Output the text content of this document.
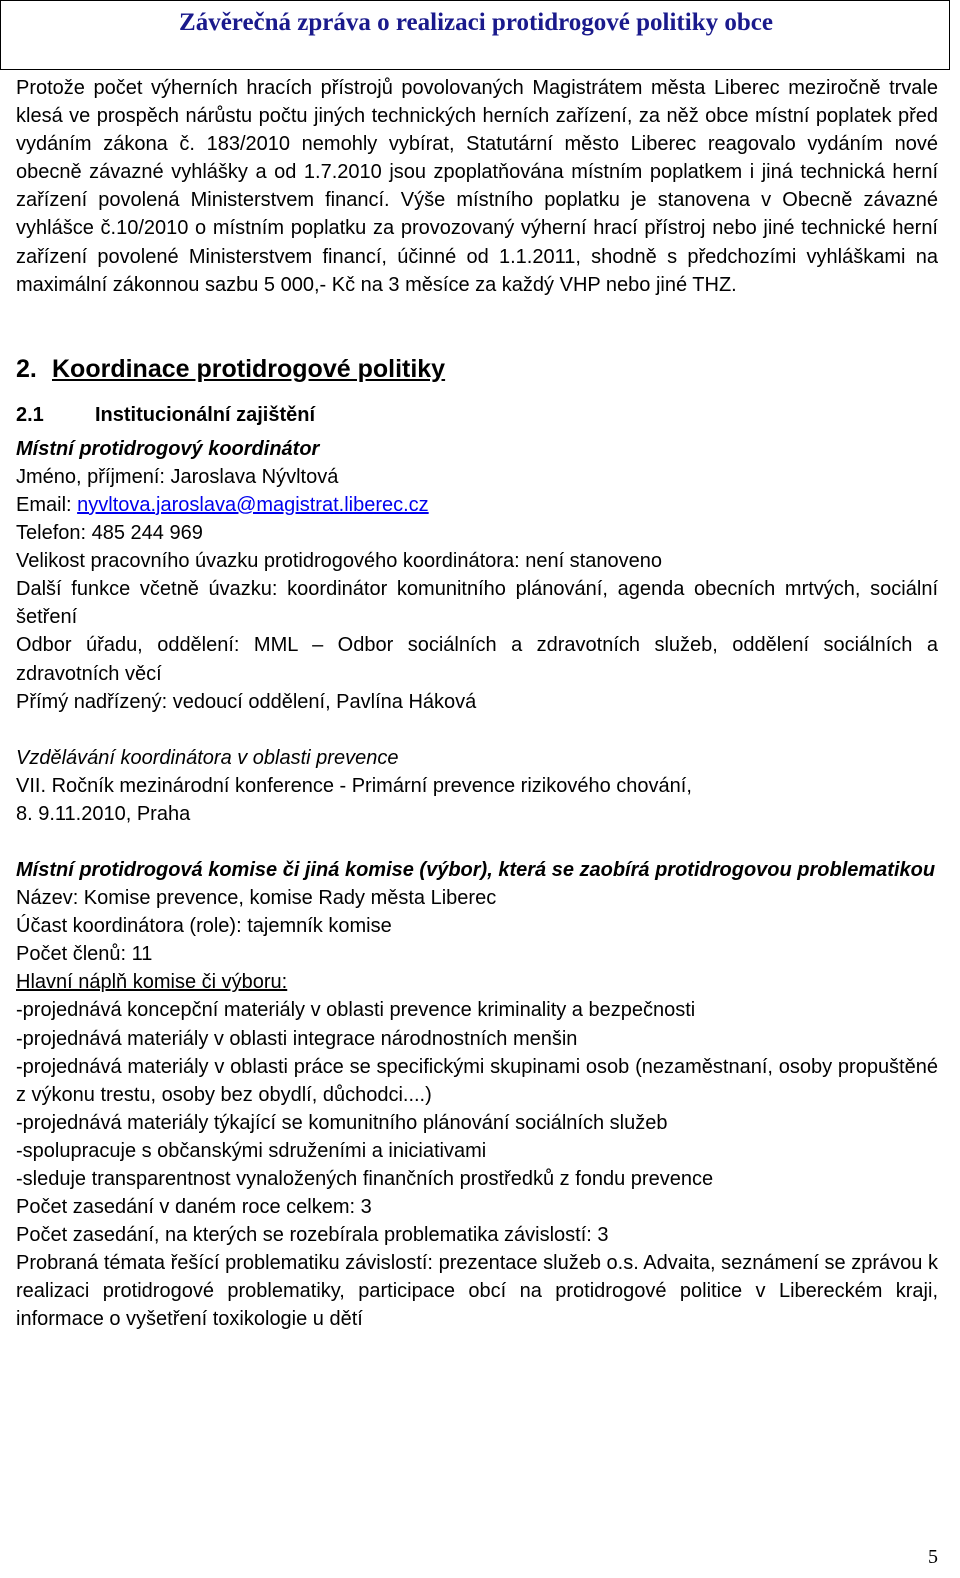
Závěrečná zpráva o realizaci protidrogové politiky obce

Protože počet výherních hracích přístrojů povolovaných Magistrátem města Liberec meziročně trvale klesá ve prospěch nárůstu počtu jiných technických herních zařízení, za něž obce místní poplatek před vydáním zákona č. 183/2010 nemohly vybírat, Statutární město Liberec reagovalo vydáním nové obecně závazné vyhlášky a od 1.7.2010 jsou zpoplatňována místním poplatkem i jiná technická herní zařízení povolená Ministerstvem financí. Výše místního poplatku je stanovena v Obecně závazné vyhlášce č.10/2010 o místním poplatku za provozovaný výherní hrací přístroj nebo jiné technické herní zařízení povolené Ministerstvem financí, účinné od 1.1.2011, shodně s předchozími vyhláškami na maximální zákonnou sazbu 5 000,- Kč na 3 měsíce za každý VHP nebo jiné THZ.

2. Koordinace protidrogové politiky

2.1	Institucionální zajištění

Místní protidrogový koordinátor

Jméno, příjmení: Jaroslava Nývltová

Email: nyvltova.jaroslava@magistrat.liberec.cz

Telefon: 485 244 969

Velikost pracovního úvazku protidrogového koordinátora: není stanoveno

Další funkce včetně úvazku: koordinátor komunitního plánování, agenda obecních mrtvých, sociální šetření

Odbor úřadu, oddělení: MML – Odbor sociálních a zdravotních služeb, oddělení sociálních a zdravotních věcí

Přímý nadřízený: vedoucí oddělení, Pavlína Háková

Vzdělávání koordinátora v oblasti prevence

VII. Ročník mezinárodní konference - Primární prevence rizikového chování,

8. 9.11.2010, Praha

Místní protidrogová komise či jiná komise (výbor), která se zaobírá protidrogovou problematikou

Název: Komise prevence, komise Rady města Liberec

Účast koordinátora (role): tajemník komise

Počet členů: 11

Hlavní náplň komise či výboru:

-projednává koncepční materiály v oblasti prevence kriminality a bezpečnosti

-projednává materiály v oblasti integrace národnostních menšin

-projednává materiály v oblasti práce se specifickými skupinami osob (nezaměstnaní, osoby propuštěné z výkonu trestu, osoby bez obydlí, důchodci....)

-projednává materiály týkající se komunitního plánování sociálních služeb

-spolupracuje s občanskými sdruženími a iniciativami

-sleduje transparentnost vynaložených finančních prostředků z fondu prevence

Počet zasedání v daném roce celkem: 3

Počet zasedání, na kterých se rozebírala problematika závislostí: 3

Probraná témata řešící problematiku závislostí: prezentace služeb o.s. Advaita, seznámení se zprávou k realizaci protidrogové problematiky, participace obcí na protidrogové politice v Libereckém kraji, informace o vyšetření toxikologie u dětí

5
